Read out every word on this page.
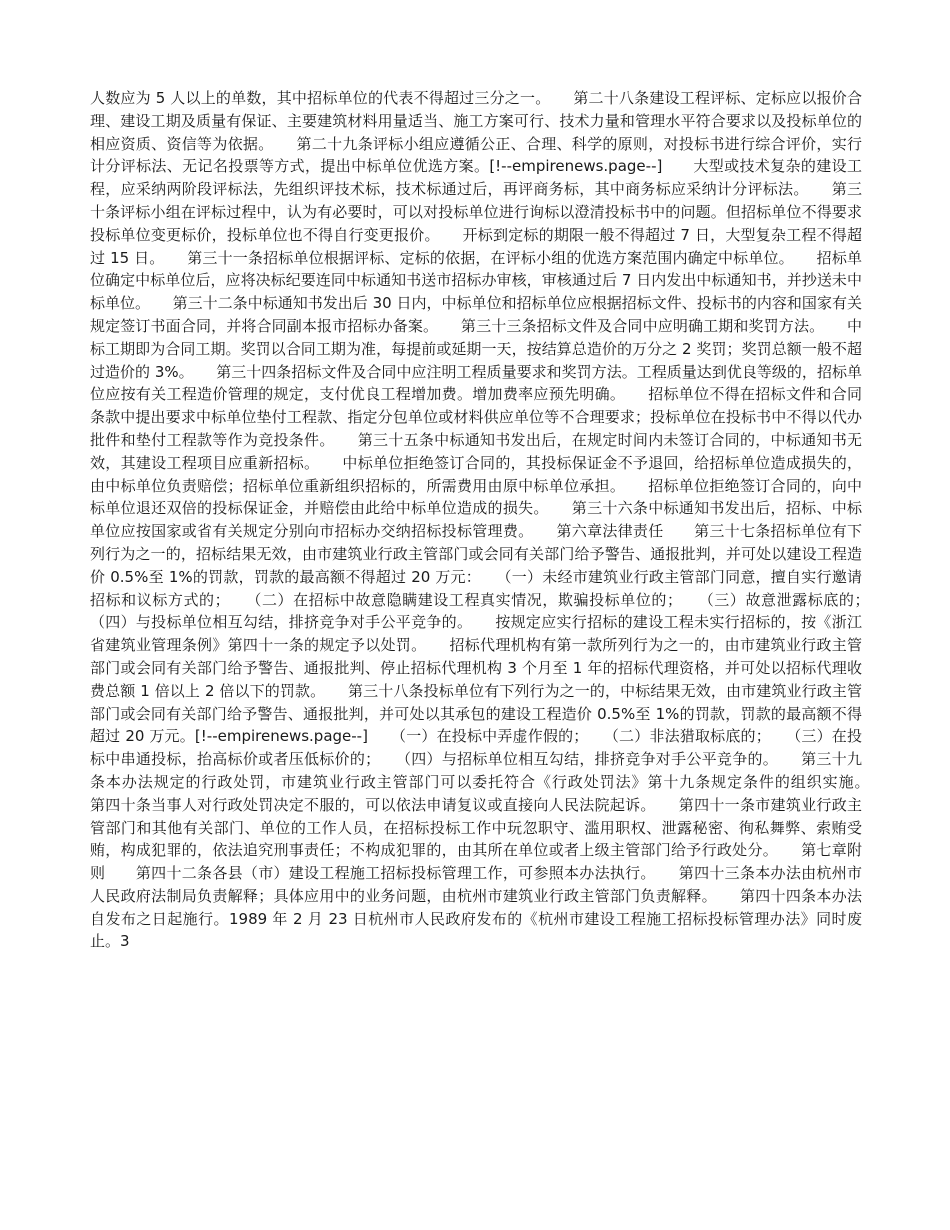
人数应为 5 人以上的单数，其中招标单位的代表不得超过三分之一。　　第二十八条建设工程评标、定标应以报价合理、建设工期及质量有保证、主要建筑材料用量适当、施工方案可行、技术力量和管理水平符合要求以及投标单位的相应资质、资信等为依据。　　第二十九条评标小组应遵循公正、合理、科学的原则，对投标书进行综合评价，实行计分评标法、无记名投票等方式，提出中标单位优选方案。[!--empirenews.page--]　　大型或技术复杂的建设工程，应采纳两阶段评标法，先组织评技术标，技术标通过后，再评商务标，其中商务标应采纳计分评标法。　　第三十条评标小组在评标过程中，认为有必要时，可以对投标单位进行询标以澄清投标书中的问题。但招标单位不得要求投标单位变更标价，投标单位也不得自行变更报价。　　开标到定标的期限一般不得超过 7 日，大型复杂工程不得超过 15 日。　　第三十一条招标单位根据评标、定标的依据，在评标小组的优选方案范围内确定中标单位。　　招标单位确定中标单位后，应将决标纪要连同中标通知书送市招标办审核，审核通过后 7 日内发出中标通知书，并抄送未中标单位。　　第三十二条中标通知书发出后 30 日内，中标单位和招标单位应根据招标文件、投标书的内容和国家有关规定签订书面合同，并将合同副本报市招标办备案。　　第三十三条招标文件及合同中应明确工期和奖罚方法。　　中标工期即为合同工期。奖罚以合同工期为准，每提前或延期一天，按结算总造价的万分之 2 奖罚；奖罚总额一般不超过造价的 3%。　　第三十四条招标文件及合同中应注明工程质量要求和奖罚方法。工程质量达到优良等级的，招标单位应按有关工程造价管理的规定，支付优良工程增加费。增加费率应预先明确。　　招标单位不得在招标文件和合同条款中提出要求中标单位垫付工程款、指定分包单位或材料供应单位等不合理要求；投标单位在投标书中不得以代办批件和垫付工程款等作为竞投条件。　　第三十五条中标通知书发出后，在规定时间内未签订合同的，中标通知书无效，其建设工程项目应重新招标。　　中标单位拒绝签订合同的，其投标保证金不予退回，给招标单位造成损失的，由中标单位负责赔偿；招标单位重新组织招标的，所需费用由原中标单位承担。　　招标单位拒绝签订合同的，向中标单位退还双倍的投标保证金，并赔偿由此给中标单位造成的损失。　　第三十六条中标通知书发出后，招标、中标单位应按国家或省有关规定分别向市招标办交纳招标投标管理费。　　第六章法律责任　　第三十七条招标单位有下列行为之一的，招标结果无效，由市建筑业行政主管部门或会同有关部门给予警告、通报批判，并可处以建设工程造价 0.5%至 1%的罚款，罚款的最高额不得超过 20 万元：　　（一）未经市建筑业行政主管部门同意，擅自实行邀请招标和议标方式的；　　（二）在招标中故意隐瞒建设工程真实情况，欺骗投标单位的；　　（三）故意泄露标底的；　　（四）与投标单位相互勾结，排挤竞争对手公平竞争的。　　按规定应实行招标的建设工程未实行招标的，按《浙江省建筑业管理条例》第四十一条的规定予以处罚。　　招标代理机构有第一款所列行为之一的，由市建筑业行政主管部门或会同有关部门给予警告、通报批判、停止招标代理机构 3 个月至 1 年的招标代理资格，并可处以招标代理收费总额 1 倍以上 2 倍以下的罚款。　　第三十八条投标单位有下列行为之一的，中标结果无效，由市建筑业行政主管部门或会同有关部门给予警告、通报批判，并可处以其承包的建设工程造价 0.5%至 1%的罚款，罚款的最高额不得超过 20 万元。[!--empirenews.page--]　　（一）在投标中弄虚作假的；　　（二）非法猎取标底的；　　（三）在投标中串通投标，抬高标价或者压低标价的；　　（四）与招标单位相互勾结，排挤竞争对手公平竞争的。　　第三十九条本办法规定的行政处罚，市建筑业行政主管部门可以委托符合《行政处罚法》第十九条规定条件的组织实施。　　第四十条当事人对行政处罚决定不服的，可以依法申请复议或直接向人民法院起诉。　　第四十一条市建筑业行政主管部门和其他有关部门、单位的工作人员，在招标投标工作中玩忽职守、滥用职权、泄露秘密、徇私舞弊、索贿受贿，构成犯罪的，依法追究刑事责任；不构成犯罪的，由其所在单位或者上级主管部门给予行政处分。　　第七章附则　　第四十二条各县（市）建设工程施工招标投标管理工作，可参照本办法执行。　　第四十三条本办法由杭州市人民政府法制局负责解释；具体应用中的业务问题，由杭州市建筑业行政主管部门负责解释。　　第四十四条本办法自发布之日起施行。1989 年 2 月 23 日杭州市人民政府发布的《杭州市建设工程施工招标投标管理办法》同时废止。3
